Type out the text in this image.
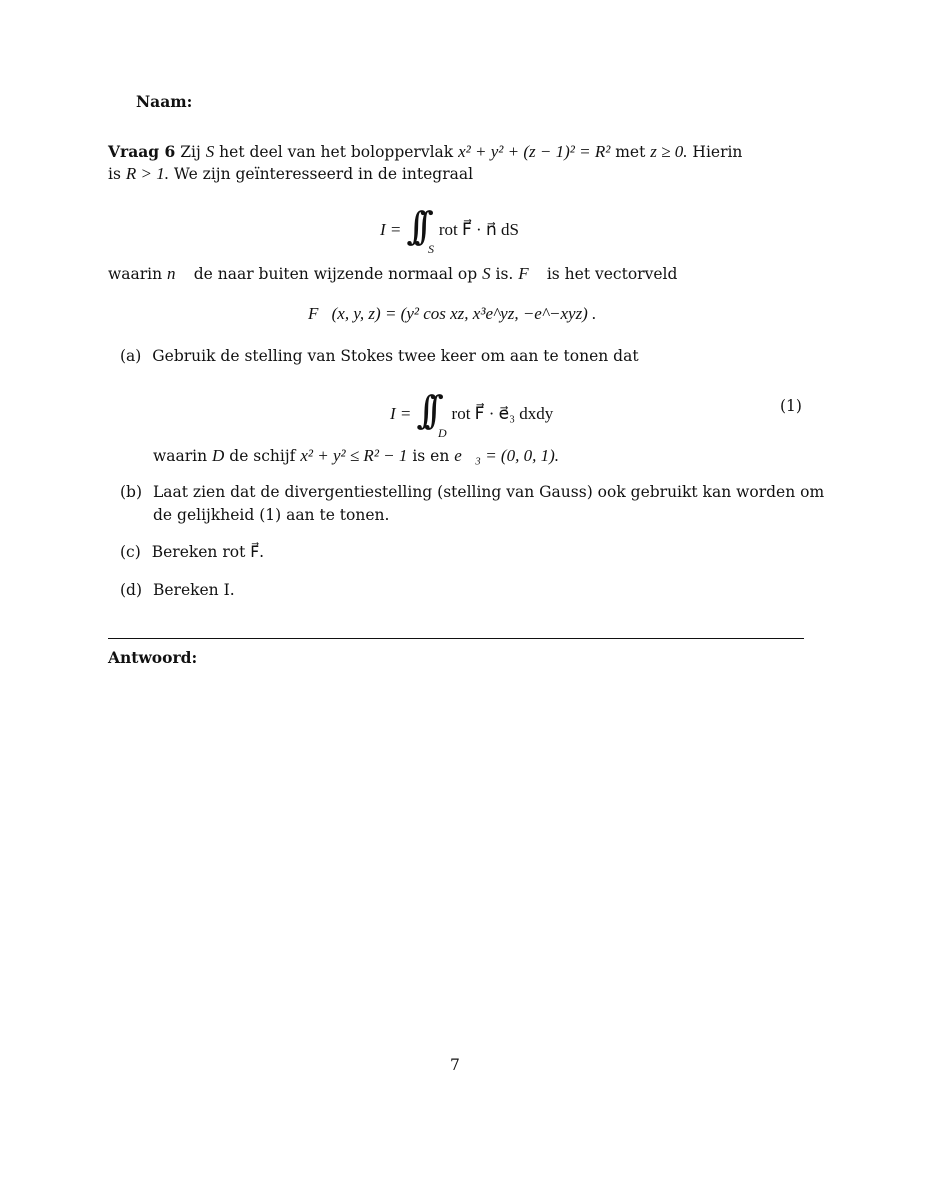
Naam:
Vraag 6 Zij S het deel van het boloppervlak x² + y² + (z − 1)² = R² met z ≥ 0. Hierin
is R > 1. We zijn geïnteresseerd in de integraal
$I = \int\int_S$ rot F⃗ · n⃗ dS
waarin n⃗ de naar buiten wijzende normaal op S is. F⃗ is het vectorveld
F⃗(x, y, z) = (y² cos xz, x³e^yz, −e^−xyz) .
(a) Gebruik de stelling van Stokes twee keer om aan te tonen dat
$I = \int\int_D$ rot F⃗ · e⃗₃ dxdy	(1)
waarin D de schijf x² + y² ≤ R² − 1 is en e⃗₃ = (0, 0, 1).
(b) Laat zien dat de divergentiestelling (stelling van Gauss) ook gebruikt kan worden om
de gelijkheid (1) aan te tonen.
(c) Bereken rot F⃗.
(d) Bereken I.
Antwoord:
7
